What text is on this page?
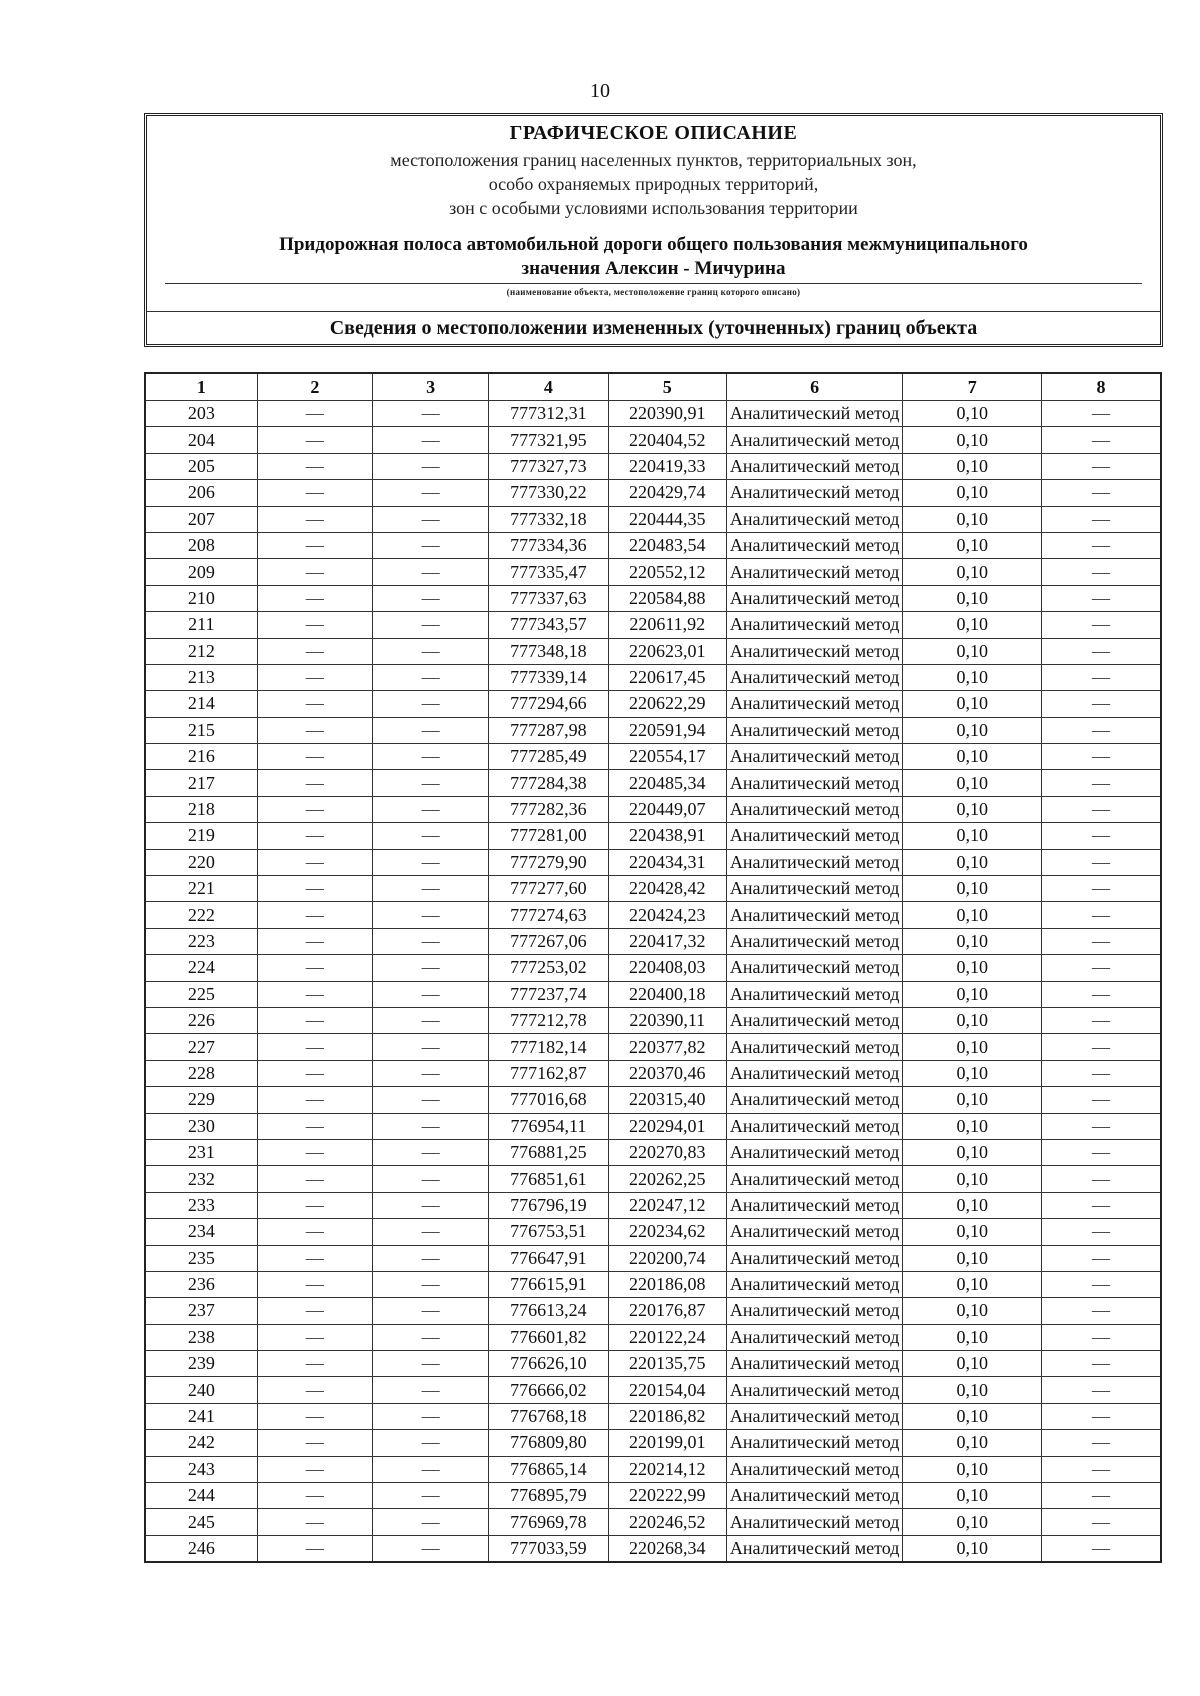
10
ГРАФИЧЕСКОЕ ОПИСАНИЕ
местоположения границ населенных пунктов, территориальных зон,
особо охраняемых природных территорий,
зон с особыми условиями использования территории
Придорожная полоса автомобильной дороги общего пользования межмуниципального
значения Алексин - Мичурина
(наименование объекта, местоположение границ которого описано)
Сведения о местоположении измененных (уточненных) границ объекта
1	2	3	4	5	6	7	8
203	—	—	777312,31	220390,91	Аналитический метод	0,10	—
204	—	—	777321,95	220404,52	Аналитический метод	0,10	—
205	—	—	777327,73	220419,33	Аналитический метод	0,10	—
206	—	—	777330,22	220429,74	Аналитический метод	0,10	—
207	—	—	777332,18	220444,35	Аналитический метод	0,10	—
208	—	—	777334,36	220483,54	Аналитический метод	0,10	—
209	—	—	777335,47	220552,12	Аналитический метод	0,10	—
210	—	—	777337,63	220584,88	Аналитический метод	0,10	—
211	—	—	777343,57	220611,92	Аналитический метод	0,10	—
212	—	—	777348,18	220623,01	Аналитический метод	0,10	—
213	—	—	777339,14	220617,45	Аналитический метод	0,10	—
214	—	—	777294,66	220622,29	Аналитический метод	0,10	—
215	—	—	777287,98	220591,94	Аналитический метод	0,10	—
216	—	—	777285,49	220554,17	Аналитический метод	0,10	—
217	—	—	777284,38	220485,34	Аналитический метод	0,10	—
218	—	—	777282,36	220449,07	Аналитический метод	0,10	—
219	—	—	777281,00	220438,91	Аналитический метод	0,10	—
220	—	—	777279,90	220434,31	Аналитический метод	0,10	—
221	—	—	777277,60	220428,42	Аналитический метод	0,10	—
222	—	—	777274,63	220424,23	Аналитический метод	0,10	—
223	—	—	777267,06	220417,32	Аналитический метод	0,10	—
224	—	—	777253,02	220408,03	Аналитический метод	0,10	—
225	—	—	777237,74	220400,18	Аналитический метод	0,10	—
226	—	—	777212,78	220390,11	Аналитический метод	0,10	—
227	—	—	777182,14	220377,82	Аналитический метод	0,10	—
228	—	—	777162,87	220370,46	Аналитический метод	0,10	—
229	—	—	777016,68	220315,40	Аналитический метод	0,10	—
230	—	—	776954,11	220294,01	Аналитический метод	0,10	—
231	—	—	776881,25	220270,83	Аналитический метод	0,10	—
232	—	—	776851,61	220262,25	Аналитический метод	0,10	—
233	—	—	776796,19	220247,12	Аналитический метод	0,10	—
234	—	—	776753,51	220234,62	Аналитический метод	0,10	—
235	—	—	776647,91	220200,74	Аналитический метод	0,10	—
236	—	—	776615,91	220186,08	Аналитический метод	0,10	—
237	—	—	776613,24	220176,87	Аналитический метод	0,10	—
238	—	—	776601,82	220122,24	Аналитический метод	0,10	—
239	—	—	776626,10	220135,75	Аналитический метод	0,10	—
240	—	—	776666,02	220154,04	Аналитический метод	0,10	—
241	—	—	776768,18	220186,82	Аналитический метод	0,10	—
242	—	—	776809,80	220199,01	Аналитический метод	0,10	—
243	—	—	776865,14	220214,12	Аналитический метод	0,10	—
244	—	—	776895,79	220222,99	Аналитический метод	0,10	—
245	—	—	776969,78	220246,52	Аналитический метод	0,10	—
246	—	—	777033,59	220268,34	Аналитический метод	0,10	—
